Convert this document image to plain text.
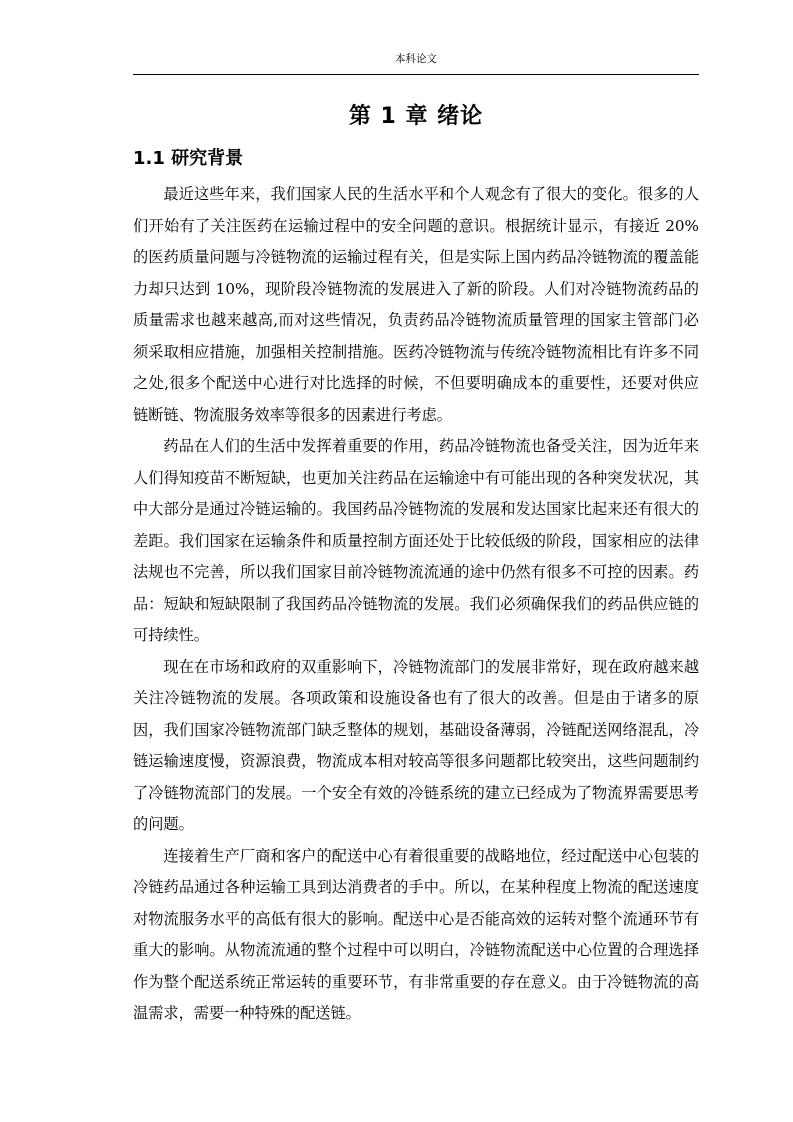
本科论文
第 1 章 绪论
1.1 研究背景

最近这些年来，我们国家人民的生活水平和个人观念有了很大的变化。很多的人们开始有了关注医药在运输过程中的安全问题的意识。根据统计显示，有接近 20%的医药质量问题与冷链物流的运输过程有关，但是实际上国内药品冷链物流的覆盖能力却只达到 10%，现阶段冷链物流的发展进入了新的阶段。人们对冷链物流药品的质量需求也越来越高,而对这些情况，负责药品冷链物流质量管理的国家主管部门必须采取相应措施，加强相关控制措施。医药冷链物流与传统冷链物流相比有许多不同之处,很多个配送中心进行对比选择的时候，不但要明确成本的重要性，还要对供应链断链、物流服务效率等很多的因素进行考虑。

药品在人们的生活中发挥着重要的作用，药品冷链物流也备受关注，因为近年来人们得知疫苗不断短缺，也更加关注药品在运输途中有可能出现的各种突发状况，其中大部分是通过冷链运输的。我国药品冷链物流的发展和发达国家比起来还有很大的差距。我们国家在运输条件和质量控制方面还处于比较低级的阶段，国家相应的法律法规也不完善，所以我们国家目前冷链物流流通的途中仍然有很多不可控的因素。药品：短缺和短缺限制了我国药品冷链物流的发展。我们必须确保我们的药品供应链的可持续性。

现在在市场和政府的双重影响下，冷链物流部门的发展非常好，现在政府越来越关注冷链物流的发展。各项政策和设施设备也有了很大的改善。但是由于诸多的原因，我们国家冷链物流部门缺乏整体的规划，基础设备薄弱，冷链配送网络混乱，冷链运输速度慢，资源浪费，物流成本相对较高等很多问题都比较突出，这些问题制约了冷链物流部门的发展。一个安全有效的冷链系统的建立已经成为了物流界需要思考的问题。

连接着生产厂商和客户的配送中心有着很重要的战略地位，经过配送中心包装的冷链药品通过各种运输工具到达消费者的手中。所以，在某种程度上物流的配送速度对物流服务水平的高低有很大的影响。配送中心是否能高效的运转对整个流通环节有重大的影响。从物流流通的整个过程中可以明白，冷链物流配送中心位置的合理选择作为整个配送系统正常运转的重要环节，有非常重要的存在意义。由于冷链物流的高温需求，需要一种特殊的配送链。
